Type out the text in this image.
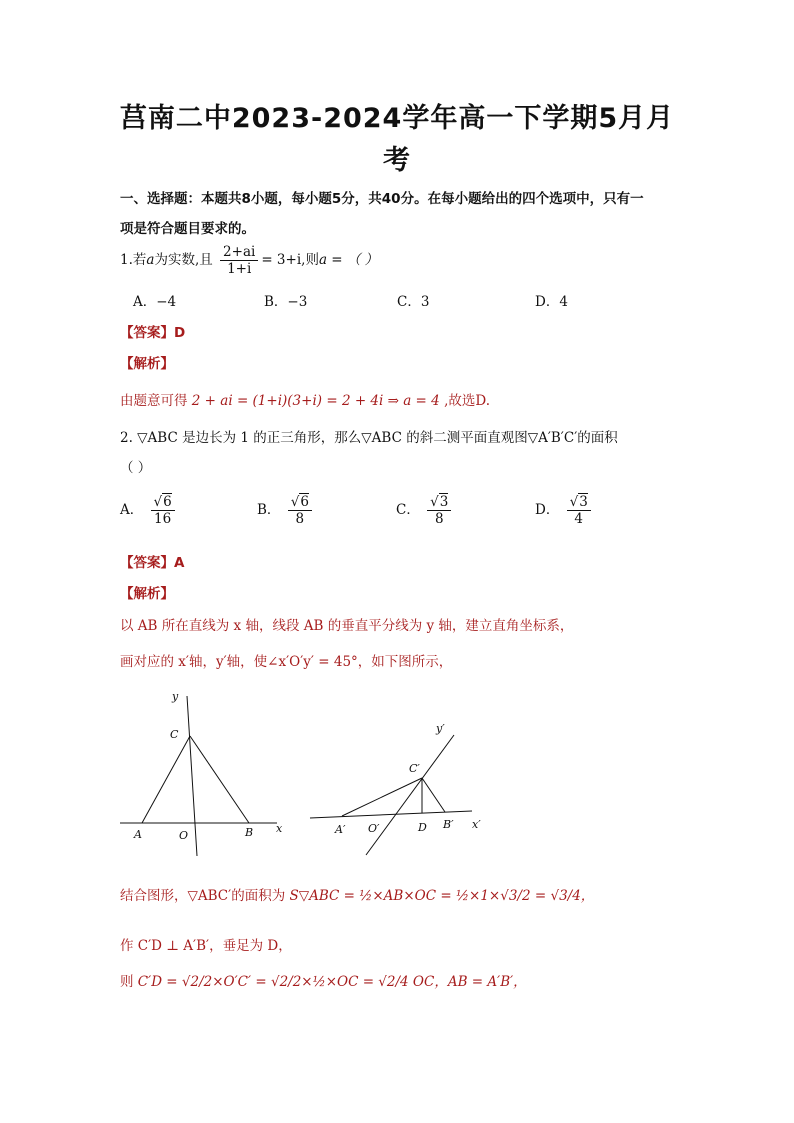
莒南二中2023-2024学年高一下学期5月月
考
一、选择题：本题共8小题，每小题5分，共40分。在每小题给出的四个选项中，只有一
项是符合题目要求的。
1.若a为实数,且 $\frac{2+ai}{1+i} = 3+i$,则a = （ ）
A．−4	B．−3	C．3	D．4
【答案】D
【解析】
由题意可得 2 + ai = (1+i)(3+i) = 2 + 4i ⇒ a = 4 ,故选D.
2. ▽ABC 是边长为 1 的正三角形，那么▽ABC 的斜二测平面直观图▽A′B′C′的面积
（ ）
A． $\frac{√6}{16}$	B． $\frac{√6}{8}$	C． $\frac{√3}{8}$	D． $\frac{√3}{4}$
【答案】A
【解析】
以 AB 所在直线为 x 轴，线段 AB 的垂直平分线为 y 轴，建立直角坐标系，
画对应的 x′轴，y′轴，使∠x′O′y′ = 45°，如下图所示，
y
C
A	O	B x
y′
C′
A′ O′	D B′ x′
结合图形，▽ABC′的面积为 S▽ABC = ½×AB×OC = ½×1×√3/2 = √3/4，
作 C′D ⊥ A′B′，垂足为 D，
则 C′D = √2/2×O′C′ = √2/2×½×OC = √2/4 OC，AB = A′B′，
